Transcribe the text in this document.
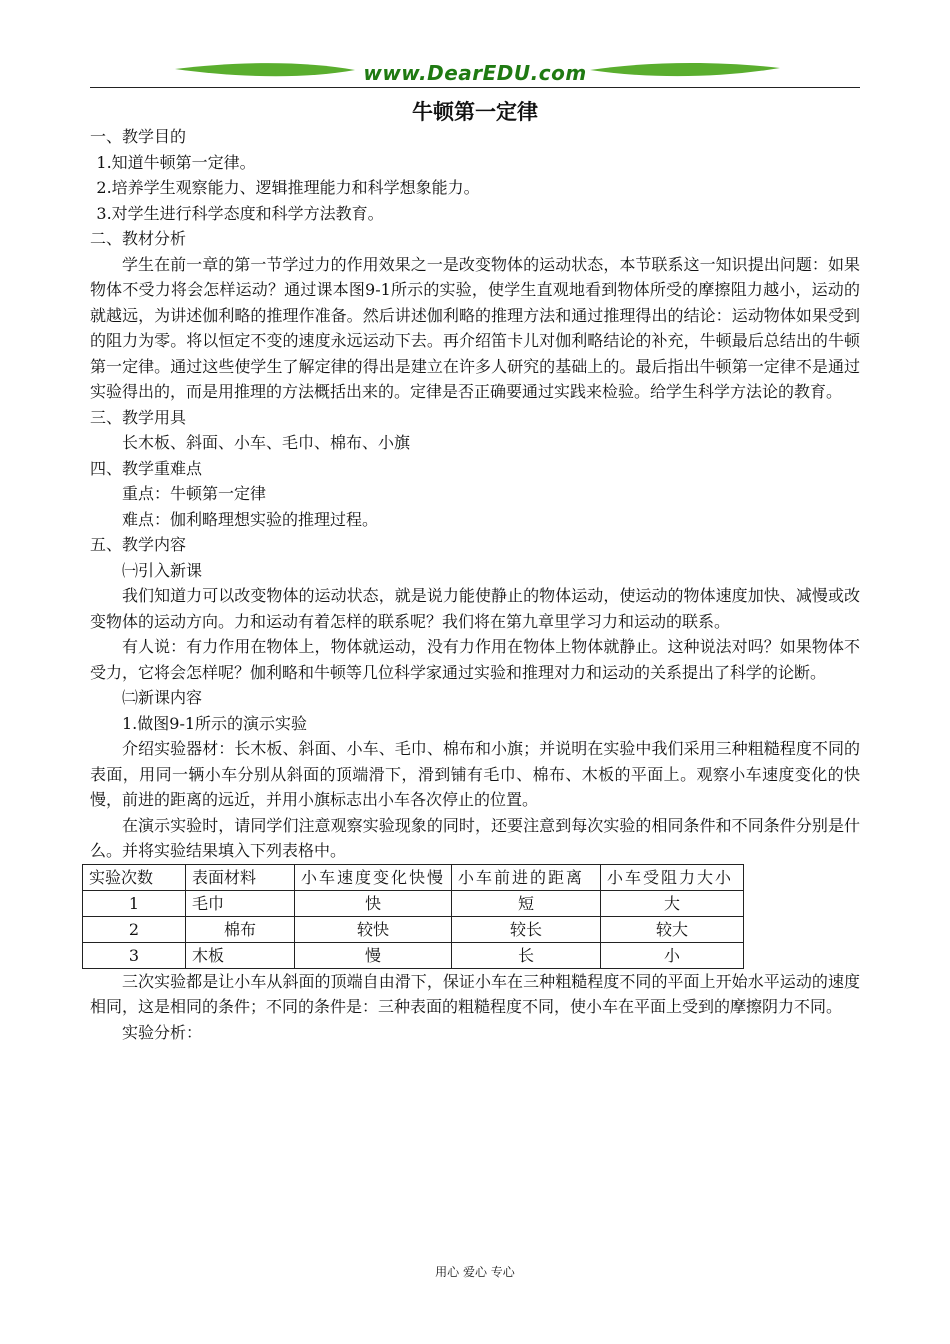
www.DearEDU.com
牛顿第一定律

一、教学目的

1.知道牛顿第一定律。

2.培养学生观察能力、逻辑推理能力和科学想象能力。

3.对学生进行科学态度和科学方法教育。

二、教材分析

学生在前一章的第一节学过力的作用效果之一是改变物体的运动状态，本节联系这一知识提出问题：如果物体不受力将会怎样运动？通过课本图9-1所示的实验，使学生直观地看到物体所受的摩擦阻力越小，运动的就越远，为讲述伽利略的推理作准备。然后讲述伽利略的推理方法和通过推理得出的结论：运动物体如果受到的阻力为零。将以恒定不变的速度永远运动下去。再介绍笛卡儿对伽利略结论的补充，牛顿最后总结出的牛顿第一定律。通过这些使学生了解定律的得出是建立在许多人研究的基础上的。最后指出牛顿第一定律不是通过实验得出的，而是用推理的方法概括出来的。定律是否正确要通过实践来检验。给学生科学方法论的教育。

三、教学用具

长木板、斜面、小车、毛巾、棉布、小旗

四、教学重难点

重点：牛顿第一定律

难点：伽利略理想实验的推理过程。

五、教学内容

㈠引入新课

我们知道力可以改变物体的运动状态，就是说力能使静止的物体运动，使运动的物体速度加快、减慢或改变物体的运动方向。力和运动有着怎样的联系呢？我们将在第九章里学习力和运动的联系。

有人说：有力作用在物体上，物体就运动，没有力作用在物体上物体就静止。这种说法对吗？如果物体不受力，它将会怎样呢？伽利略和牛顿等几位科学家通过实验和推理对力和运动的关系提出了科学的论断。

㈡新课内容

1.做图9-1所示的演示实验

介绍实验器材：长木板、斜面、小车、毛巾、棉布和小旗；并说明在实验中我们采用三种粗糙程度不同的表面，用同一辆小车分别从斜面的顶端滑下，滑到铺有毛巾、棉布、木板的平面上。观察小车速度变化的快慢，前进的距离的远近，并用小旗标志出小车各次停止的位置。

在演示实验时，请同学们注意观察实验现象的同时，还要注意到每次实验的相同条件和不同条件分别是什么。并将实验结果填入下列表格中。

实验次数	表面材料	小车速度变化快慢	小车前进的距离	小车受阻力大小
1	毛巾	快	短	大
2	棉布	较快	较长	较大
3	木板	慢	长	小

三次实验都是让小车从斜面的顶端自由滑下，保证小车在三种粗糙程度不同的平面上开始水平运动的速度相同，这是相同的条件；不同的条件是：三种表面的粗糙程度不同，使小车在平面上受到的摩擦阴力不同。

实验分析：

用心 爱心 专心
